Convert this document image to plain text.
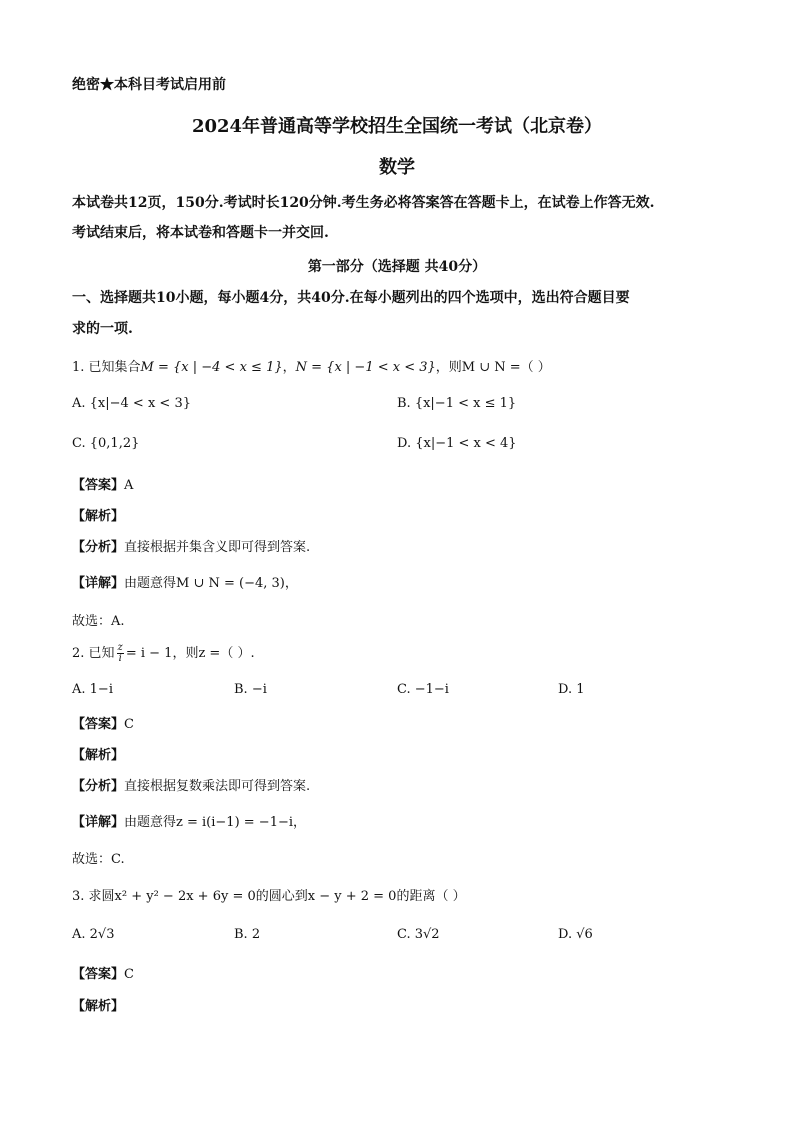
绝密★本科目考试启用前
2024年普通高等学校招生全国统一考试（北京卷）
数学
本试卷共12页，150分.考试时长120分钟.考生务必将答案答在答题卡上，在试卷上作答无效.
考试结束后，将本试卷和答题卡一并交回.
第一部分（选择题 共40分）
一、选择题共10小题，每小题4分，共40分.在每小题列出的四个选项中，选出符合题目要
求的一项.
1. 已知集合M = {x | −4 < x ≤ 1}，N = {x | −1 < x < 3}，则M ∪ N =（ ）
A. {x|−4 < x < 3}	B. {x|−1 < x ≤ 1}
C. {0,1,2}	D. {x|−1 < x < 4}
【答案】A
【解析】
【分析】直接根据并集含义即可得到答案.
【详解】由题意得M ∪ N = (−4, 3)，
故选：A.
2. 已知 $\frac{z}{i} = i - 1$，则z =（ ）.
A. 1−i	B. −i	C. −1−i	D. 1
【答案】C
【解析】
【分析】直接根据复数乘法即可得到答案.
【详解】由题意得z = i(i−1) = −1−i，
故选：C.
3. 求圆x² + y² − 2x + 6y = 0的圆心到x − y + 2 = 0的距离（ ）
A. 2√3	B. 2	C. 3√2	D. √6
【答案】C
【解析】
